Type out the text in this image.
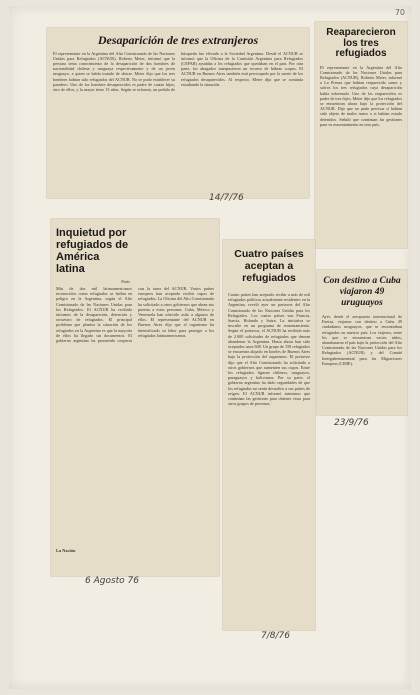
70
Desaparición de tres extranjeros
El representante en la Argentina del Alto Comisionado de las Naciones Unidas para Refugiados (ACNUR), Roberto Meier, informó que la persona tenía conocimiento de la desaparición de dos hombres de nacionalidad chilena y uruguaya respectivamente y de un joven uruguayo, a quien se había tratado de ubicar. Meier dijo que los tres hombres habían sido refugiados del ACNUR. No se pudo establecer su paradero. Uno de los hombres desaparecidos es padre de cuatro hijos, otro de ellos, y la mayor tiene 15 años. Según se informó, un pedido de búsqueda fue elevado a la Sociedad Argentina. Desde el ACNUR se informó que la Oficina de la Comisión Argentina para Refugiados (CEPAR) ayudaba a los refugiados que quedaban en el país. Por otra parte, los abogados interpusieron un recurso de hábeas corpus. El ACNUR en Buenos Aires también está preocupado por la suerte de los refugiados desaparecidos. Al respecto, Meier dijo que se continúa estudiando la situación.
14/7/76
Reaparecieron los tres refugiados
El representante en la Argentina del Alto Comisionado de las Naciones Unidas para Refugiados (ACNUR), Roberto Meier, informó a La Prensa que habían reaparecido sanos y salvos los tres refugiados cuya desaparición había informado. Uno de los reaparecidos es padre de tres hijos. Meier dijo que los refugiados se encuentran ahora bajo la protección del ACNUR. Dijo que no pudo precisar si habían sido objeto de malos tratos o si habían estado detenidos. Señaló que continúan las gestiones para su reasentamiento en otro país.
Inquietud por refugiados de América latina
París
Más de dos mil latinoamericanos reconocidos como refugiados se hallan en peligro en la Argentina, según el Alto Comisionado de las Naciones Unidas para los Refugiados. El ACNUR ha recibido informes de la desaparición, detención y secuestro de refugiados. El principal problema que plantea la situación de los refugiados en la Argentina es que la mayoría de ellos ha llegado sin documentos. El gobierno argentino ha prometido cooperar con la tarea del ACNUR. Varios países europeos han aceptado recibir cupos de refugiados. La Oficina del Alto Comisionado ha solicitado a otros gobiernos que abran sus puertas a estas personas. Cuba, México y Venezuela han ofrecido asilo a algunos de ellos. El representante del ACNUR en Buenos Aires dijo que el organismo ha intensificado su labor para proteger a los refugiados latinoamericanos.
La Nación
6 Agosto 76
Cuatro países aceptan a refugiados
Cuatro países han aceptado recibir a más de mil refugiados políticos actualmente residentes en la Argentina, reveló ayer un portavoz del Alto Comisionado de las Naciones Unidas para los Refugiados. Los cuatro países son Francia, Suecia, Holanda y Suiza. La iniciativa se inscribe en un programa de reasentamiento. Según el portavoz, el ACNUR ha recibido más de 2.000 solicitudes de refugiados que desean abandonar la Argentina. Hasta ahora han sido aceptados unos 600. Un grupo de 150 refugiados se encuentra alojado en hoteles de Buenos Aires bajo la protección del organismo. El portavoz dijo que el Alto Comisionado ha solicitado a otros gobiernos que aumenten sus cupos. Entre los refugiados figuran chilenos, uruguayos, paraguayos y bolivianos. Por su parte, el gobierno argentino ha dado seguridades de que los refugiados no serán devueltos a sus países de origen. El ACNUR informó asimismo que continúan las gestiones para obtener visas para otros grupos de personas.
7/8/76
Con destino a Cuba viajaron 49 uruguayos
Ayer, desde el aeropuerto internacional de Ezeiza, viajaron con destino a Cuba 49 ciudadanos uruguayos, que se encontraban refugiados en nuestro país. Los viajeros, entre los que se encuentran varios niños, abandonaron el país bajo la protección del Alto Comisionado de las Naciones Unidas para los Refugiados (ACNUR) y del Comité Intergubernamental para las Migraciones Europeas (CIME).
23/9/76
